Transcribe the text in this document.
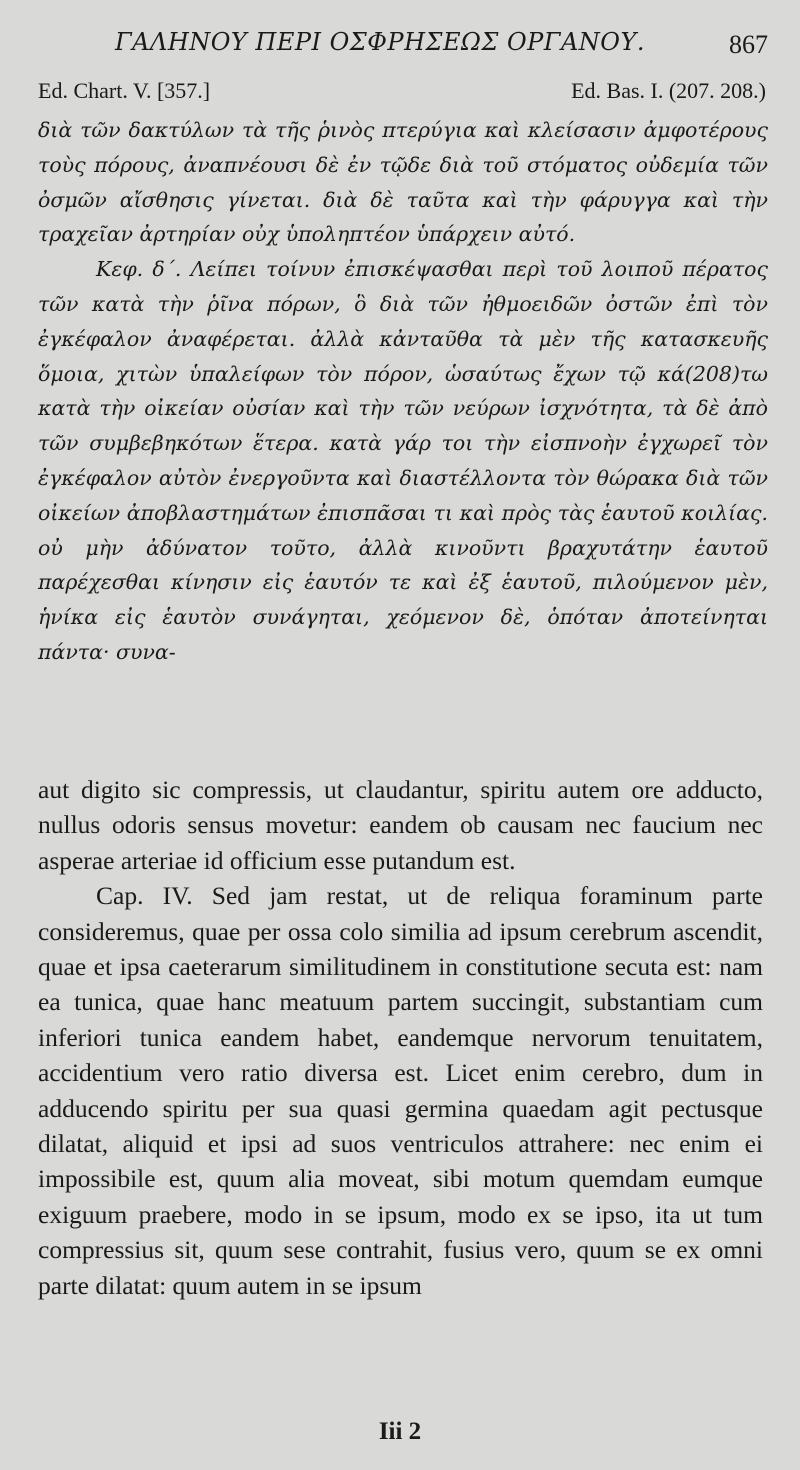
ΓΑΛΗΝΟΥ ΠΕΡΙ ΟΣΦΡΗΣΕΩΣ ΟΡΓΑΝΟΥ.	867
Ed. Chart. V. [357.]	Ed. Bas. I. (207. 208.)

διὰ τῶν δακτύλων τὰ τῆς ῥινὸς πτερύγια καὶ κλείσασιν ἀμφοτέρους τοὺς πόρους, ἀναπνέουσι δὲ ἐν τῷδε διὰ τοῦ στόματος οὐδεμία τῶν ὀσμῶν αἴσθησις γίνεται. διὰ δὲ ταῦτα καὶ τὴν φάρυγγα καὶ τὴν τραχεῖαν ἀρτηρίαν οὐχ ὑποληπτέον ὑπάρχειν αὐτό.

Κεφ. δ΄. Λείπει τοίνυν ἐπισκέψασθαι περὶ τοῦ λοιποῦ πέρατος τῶν κατὰ τὴν ῥῖνα πόρων, ὃ διὰ τῶν ἠθμοειδῶν ὀστῶν ἐπὶ τὸν ἐγκέφαλον ἀναφέρεται. ἀλλὰ κἀνταῦθα τὰ μὲν τῆς κατασκευῆς ὅμοια, χιτὼν ὑπαλείφων τὸν πόρον, ὡσαύτως ἔχων τῷ κά(208)τω κατὰ τὴν οἰκείαν οὐσίαν καὶ τὴν τῶν νεύρων ἰσχνότητα, τὰ δὲ ἀπὸ τῶν συμβεβηκότων ἕτερα. κατὰ γάρ τοι τὴν εἰσπνοὴν ἐγχωρεῖ τὸν ἐγκέφαλον αὐτὸν ἐνεργοῦντα καὶ διαστέλλοντα τὸν θώρακα διὰ τῶν οἰκείων ἀποβλαστημάτων ἐπισπᾶσαι τι καὶ πρὸς τὰς ἑαυτοῦ κοιλίας. οὐ μὴν ἀδύνατον τοῦτο, ἀλλὰ κινοῦντι βραχυτάτην ἑαυτοῦ παρέχεσθαι κίνησιν εἰς ἑαυτόν τε καὶ ἐξ ἑαυτοῦ, πιλούμενον μὲν, ἡνίκα εἰς ἑαυτὸν συνάγηται, χεόμενον δὲ, ὁπόταν ἀποτείνηται πάντα· συνα-

aut digito sic compressis, ut claudantur, spiritu autem ore adducto, nullus odoris sensus movetur: eandem ob causam nec faucium nec asperae arteriae id officium esse putandum est.

Cap. IV. Sed jam restat, ut de reliqua foraminum parte consideremus, quae per ossa colo similia ad ipsum cerebrum ascendit, quae et ipsa caeterarum similitudinem in constitutione secuta est: nam ea tunica, quae hanc meatuum partem succingit, substantiam cum inferiori tunica eandem habet, eandemque nervorum tenuitatem, accidentium vero ratio diversa est. Licet enim cerebro, dum in adducendo spiritu per sua quasi germina quaedam agit pectusque dilatat, aliquid et ipsi ad suos ventriculos attrahere: nec enim ei impossibile est, quum alia moveat, sibi motum quemdam eumque exiguum praebere, modo in se ipsum, modo ex se ipso, ita ut tum compressius sit, quum sese contrahit, fusius vero, quum se ex omni parte dilatat: quum autem in se ipsum

Iii 2
